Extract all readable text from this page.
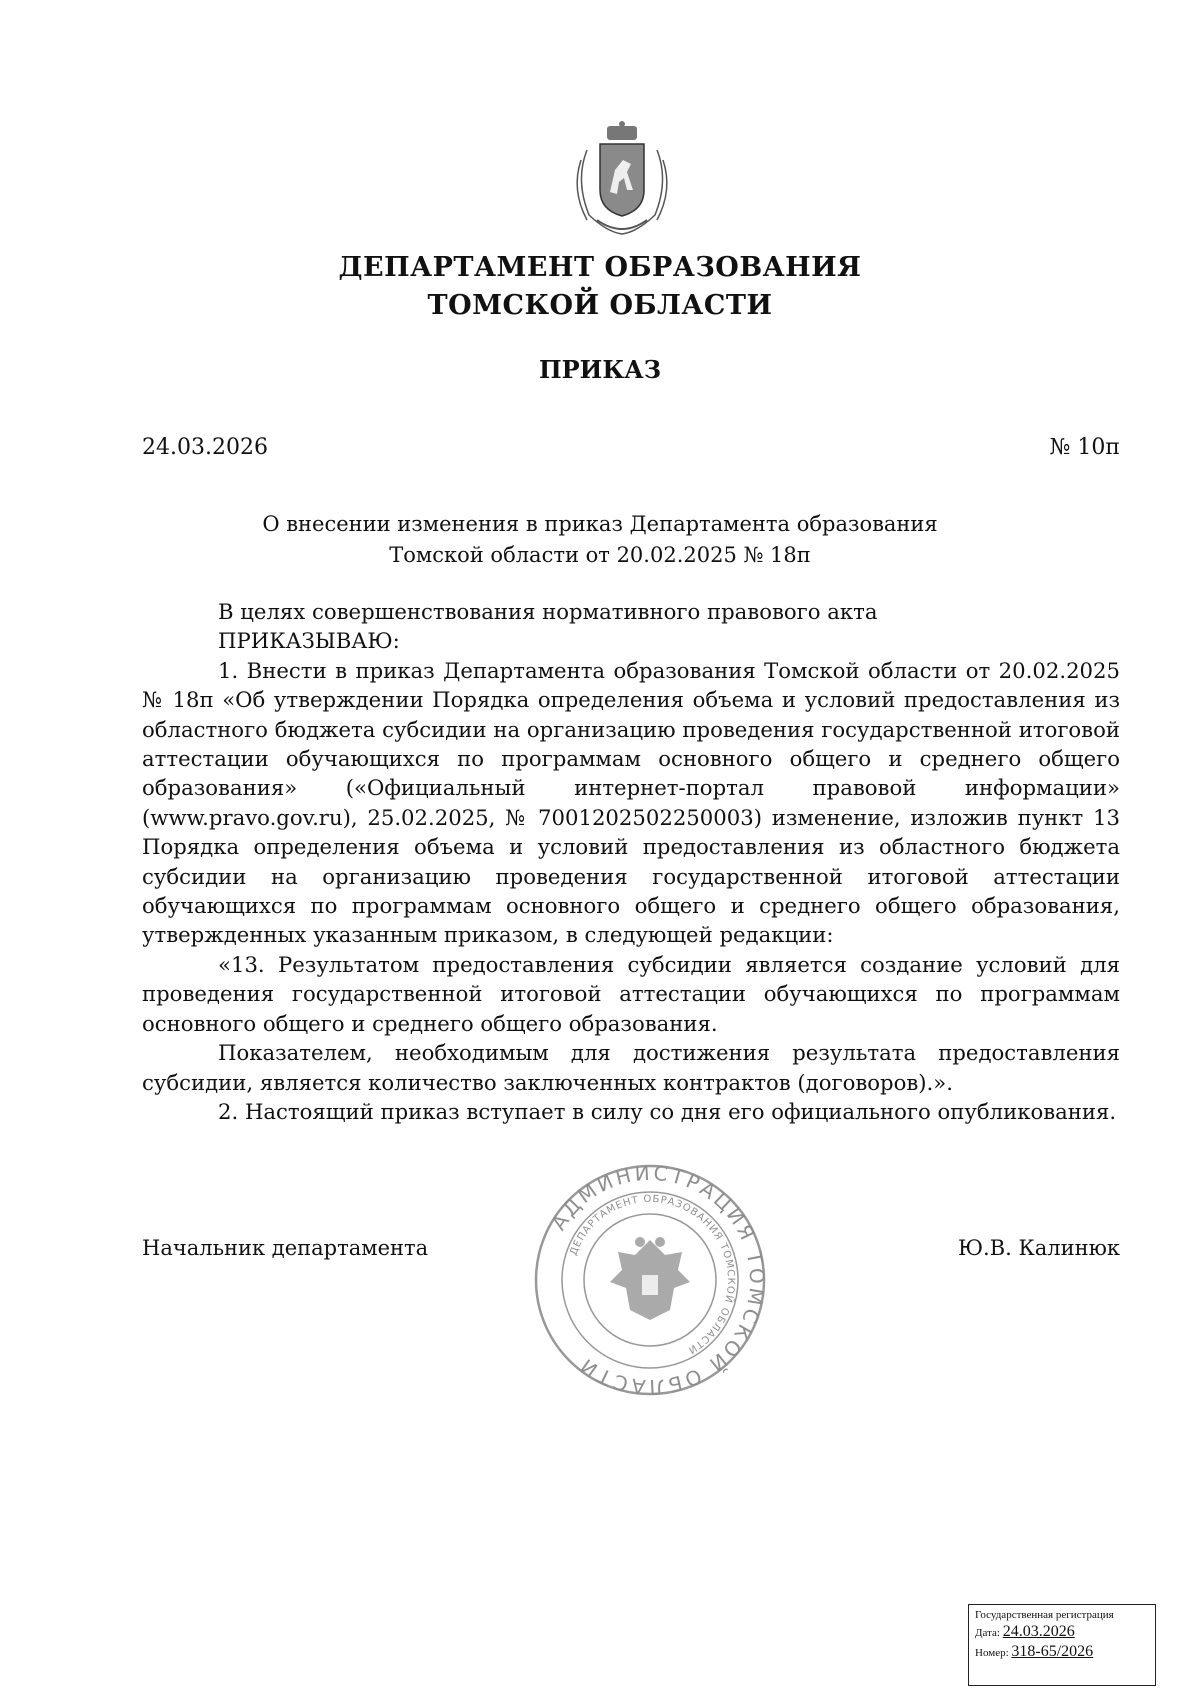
ДЕПАРТАМЕНТ ОБРАЗОВАНИЯ
ТОМСКОЙ ОБЛАСТИ
ПРИКАЗ
24.03.2026	№ 10п
О внесении изменения в приказ Департамента образования
Томской области от 20.02.2025 № 18п

В целях совершенствования нормативного правового акта

ПРИКАЗЫВАЮ:

1. Внести в приказ Департамента образования Томской области от 20.02.2025 № 18п «Об утверждении Порядка определения объема и условий предоставления из областного бюджета субсидии на организацию проведения государственной итоговой аттестации обучающихся по программам основного общего и среднего общего образования» («Официальный интернет-портал правовой информации» (www.pravo.gov.ru), 25.02.2025, № 7001202502250003) изменение, изложив пункт 13 Порядка определения объема и условий предоставления из областного бюджета субсидии на организацию проведения государственной итоговой аттестации обучающихся по программам основного общего и среднего общего образования, утвержденных указанным приказом, в следующей редакции:

«13. Результатом предоставления субсидии является создание условий для проведения государственной итоговой аттестации обучающихся по программам основного общего и среднего общего образования.

Показателем, необходимым для достижения результата предоставления субсидии, является количество заключенных контрактов (договоров).».

2. Настоящий приказ вступает в силу со дня его официального опубликования.

Начальник департамента	Ю.В. Калинюк
АДМИНИСТРАЦИЯ ТОМСКОЙ ОБЛАСТИ
ДЕПАРТАМЕНТ ОБРАЗОВАНИЯ ТОМСКОЙ ОБЛАСТИ
Государственная регистрация
Дата: 24.03.2026
Номер: 318-65/2026
